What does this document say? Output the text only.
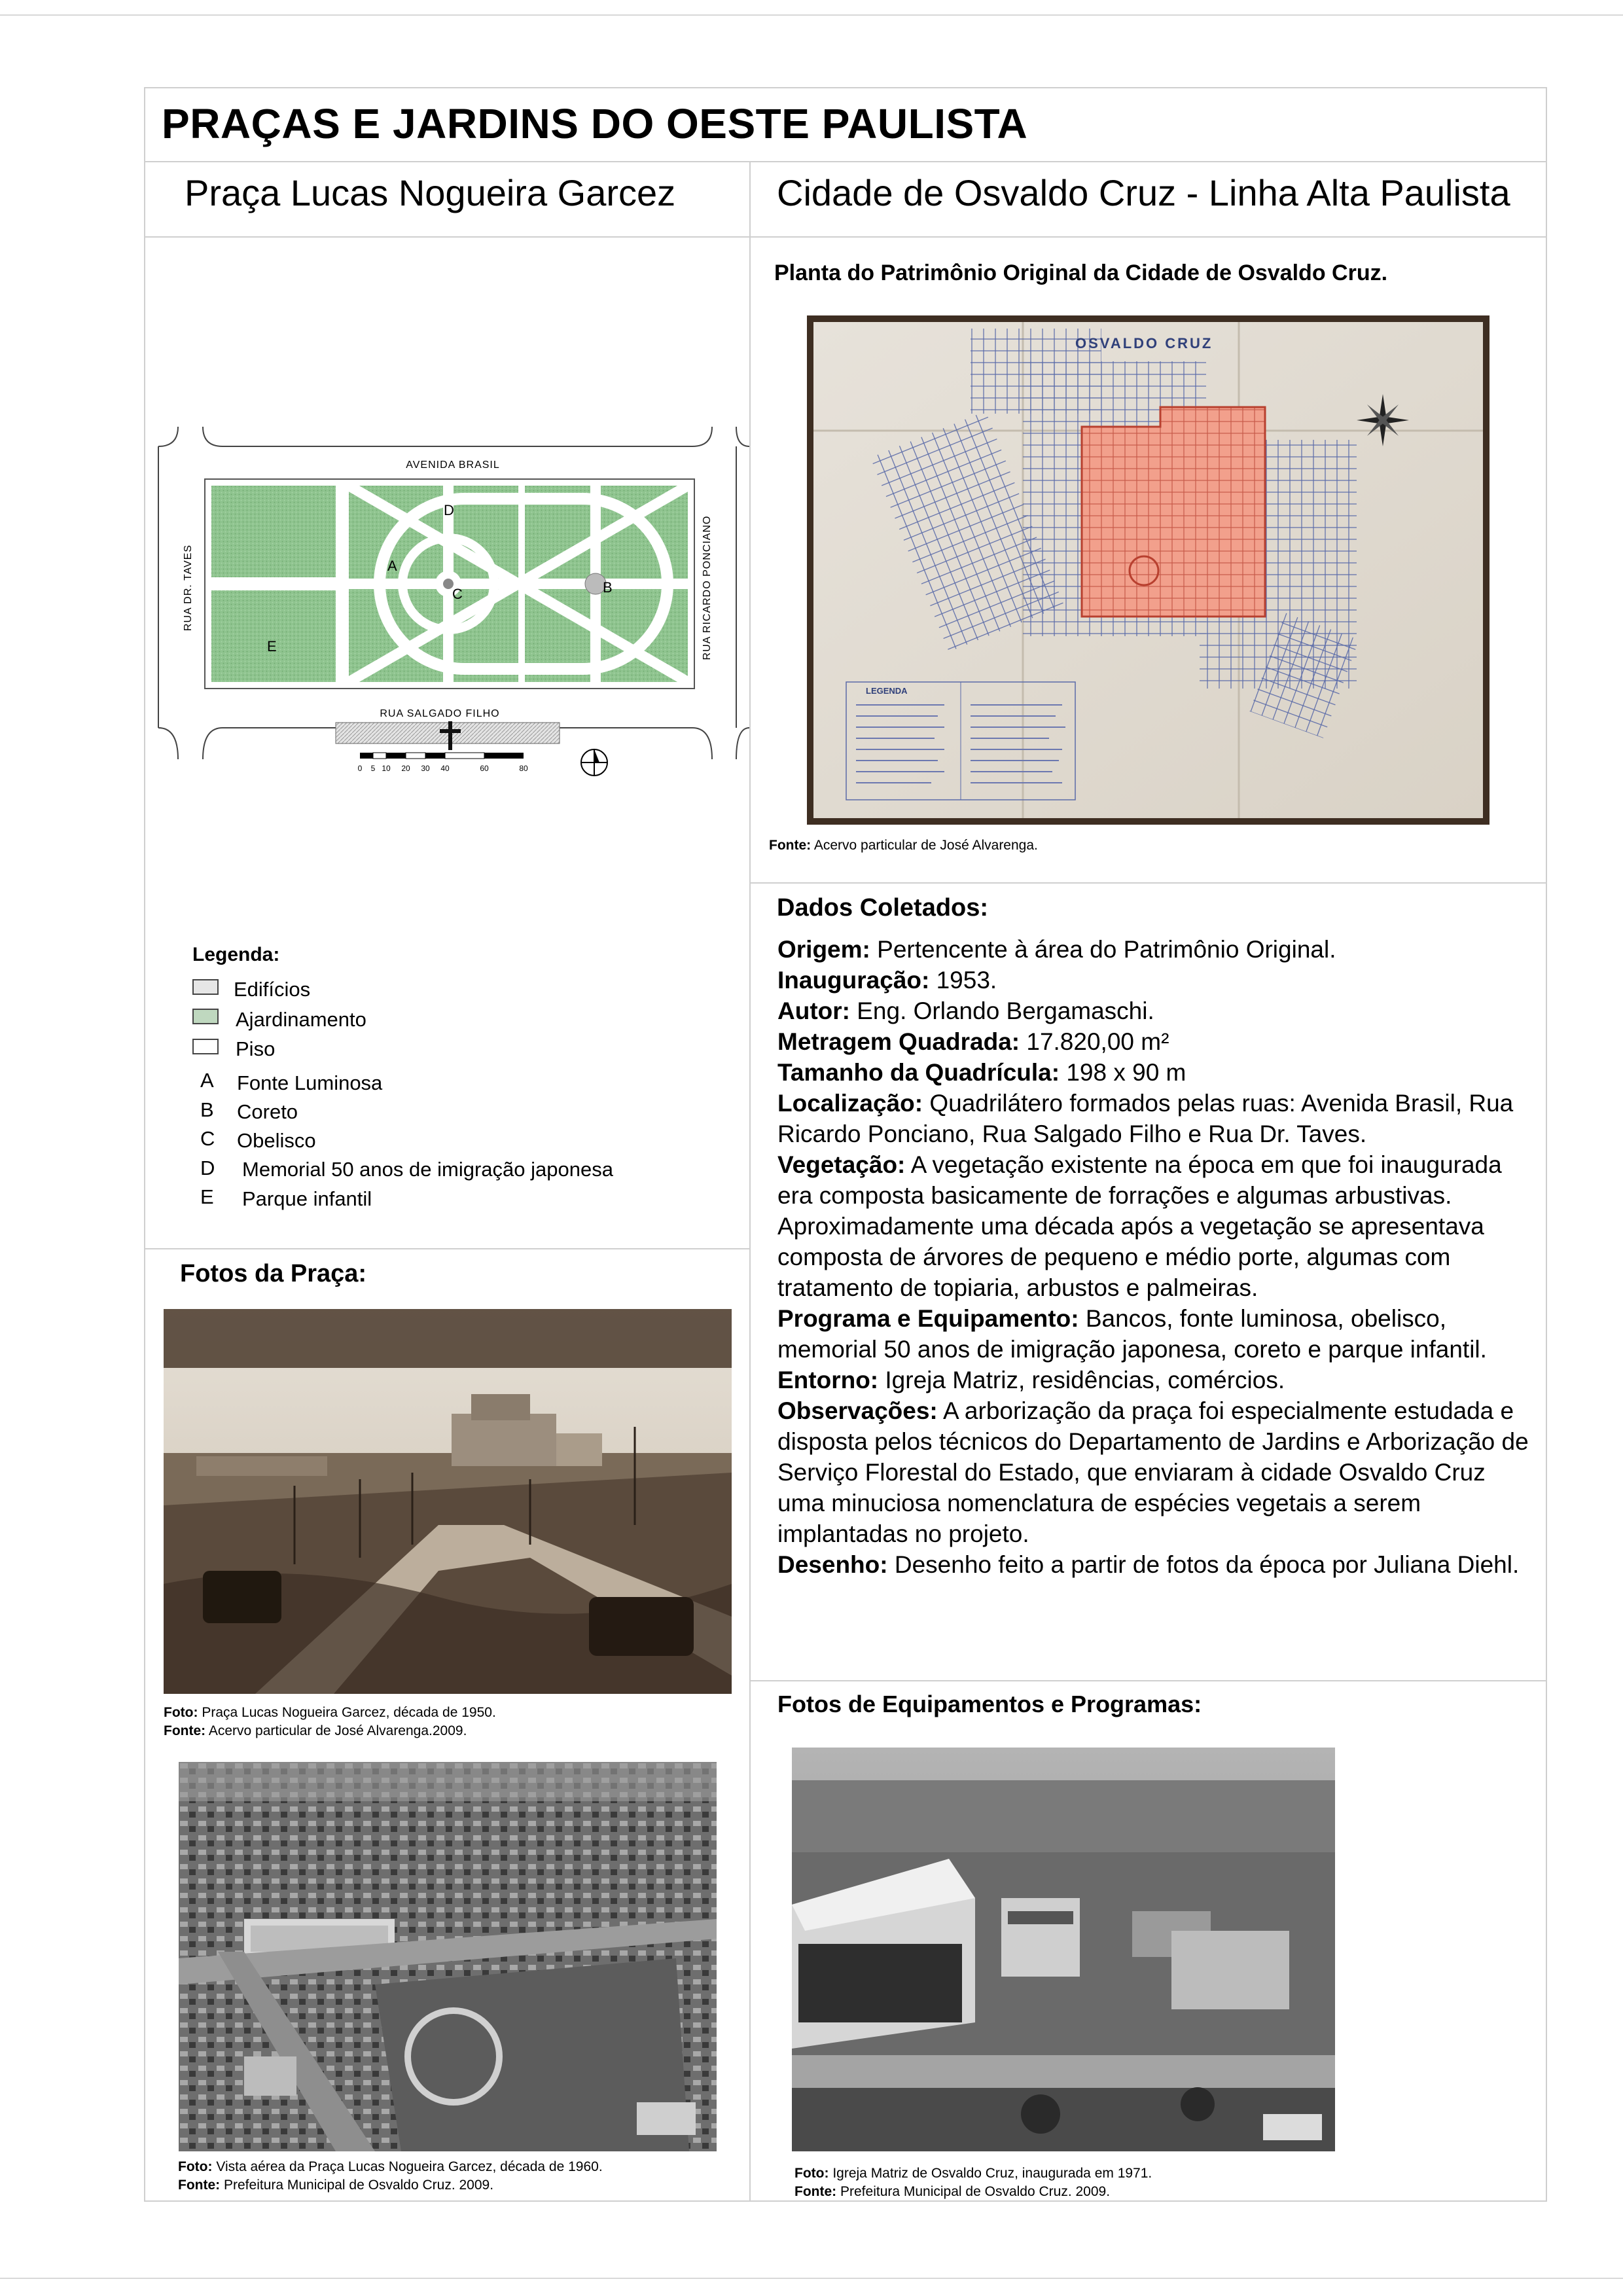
PRAÇAS E JARDINS DO OESTE PAULISTA
Praça Lucas Nogueira Garcez	Cidade de Osvaldo Cruz - Linha Alta Paulista
AVENIDA BRASIL
RUA SALGADO FILHO
RUA DR. TAVES	RUA RICARDO PONCIANO
A
B
C
D
E
0 5 10 20 30 40	60	80
Legenda:
Edifícios
Ajardinamento
Piso
A Fonte Luminosa
B Coreto
C Obelisco
D Memorial 50 anos de imigração japonesa
E Parque infantil
Planta do Patrimônio Original da Cidade de Osvaldo Cruz.
OSVALDO CRUZ
LEGENDA
Fonte: Acervo particular de José Alvarenga.
Dados Coletados:

Origem: Pertencente à área do Patrimônio Original.

Inauguração: 1953.

Autor: Eng. Orlando Bergamaschi.

Metragem Quadrada: 17.820,00 m²

Tamanho da Quadrícula: 198 x 90 m

Localização: Quadrilátero formados pelas ruas: Avenida Brasil, Rua Ricardo Ponciano, Rua Salgado Filho e Rua Dr. Taves.

Vegetação: A vegetação existente na época em que foi inaugurada era composta basicamente de forrações e algumas arbustivas. Aproximadamente uma década após a vegetação se apresentava composta de árvores de pequeno e médio porte, algumas com tratamento de topiaria, arbustos e palmeiras.

Programa e Equipamento: Bancos, fonte luminosa, obelisco, memorial 50 anos de imigração japonesa, coreto e parque infantil.

Entorno: Igreja Matriz, residências, comércios.

Observações: A arborização da praça foi especialmente estudada e disposta pelos técnicos do Departamento de Jardins e Arborização de Serviço Florestal do Estado, que enviaram à cidade Osvaldo Cruz uma minuciosa nomenclatura de espécies vegetais a serem implantadas no projeto.

Desenho: Desenho feito a partir de fotos da época por Juliana Diehl.

Fotos da Praça:
Foto: Praça Lucas Nogueira Garcez, década de 1950.
Fonte: Acervo particular de José Alvarenga.2009.
Foto: Vista aérea da Praça Lucas Nogueira Garcez, década de 1960.
Fonte: Prefeitura Municipal de Osvaldo Cruz. 2009.
Fotos de Equipamentos e Programas:
Foto: Igreja Matriz de Osvaldo Cruz, inaugurada em 1971.
Fonte: Prefeitura Municipal de Osvaldo Cruz. 2009.
